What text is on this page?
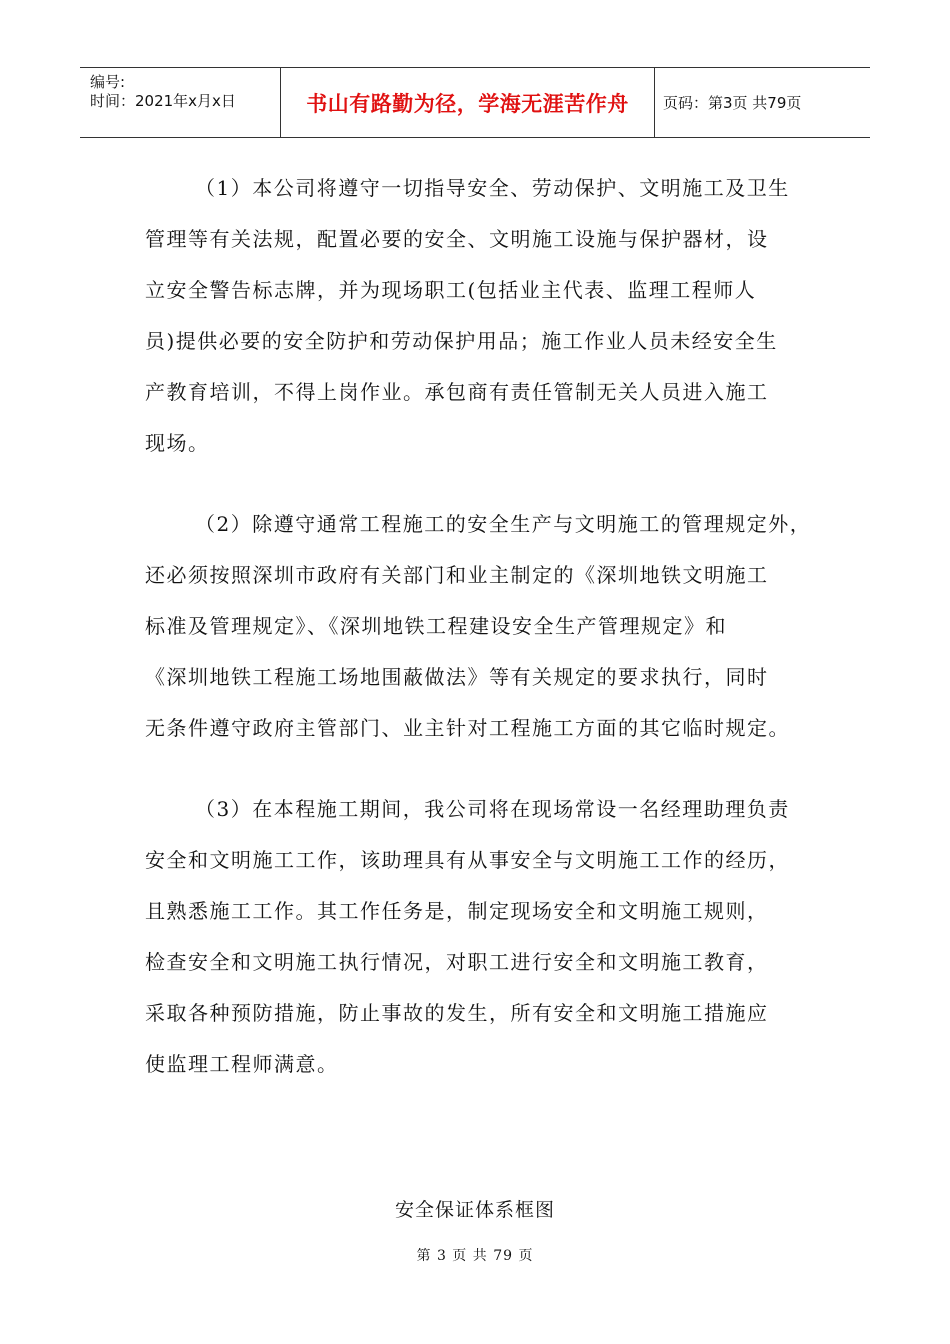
编号:
时间：2021年x月x日	书山有路勤为径，学海无涯苦作舟 页码：第3页 共79页
（1）本公司将遵守一切指导安全、劳动保护、文明施工及卫生
管理等有关法规，配置必要的安全、文明施工设施与保护器材，设
立安全警告标志牌，并为现场职工(包括业主代表、监理工程师人
员)提供必要的安全防护和劳动保护用品；施工作业人员未经安全生
产教育培训，不得上岗作业。承包商有责任管制无关人员进入施工
现场。
（2）除遵守通常工程施工的安全生产与文明施工的管理规定外，
还必须按照深圳市政府有关部门和业主制定的《深圳地铁文明施工
标准及管理规定》、《深圳地铁工程建设安全生产管理规定》和
《深圳地铁工程施工场地围蔽做法》等有关规定的要求执行，同时
无条件遵守政府主管部门、业主针对工程施工方面的其它临时规定。
（3）在本程施工期间，我公司将在现场常设一名经理助理负责
安全和文明施工工作，该助理具有从事安全与文明施工工作的经历，
且熟悉施工工作。其工作任务是，制定现场安全和文明施工规则，
检查安全和文明施工执行情况，对职工进行安全和文明施工教育，
采取各种预防措施，防止事故的发生，所有安全和文明施工措施应
使监理工程师满意。
安全保证体系框图
第 3 页 共 79 页
